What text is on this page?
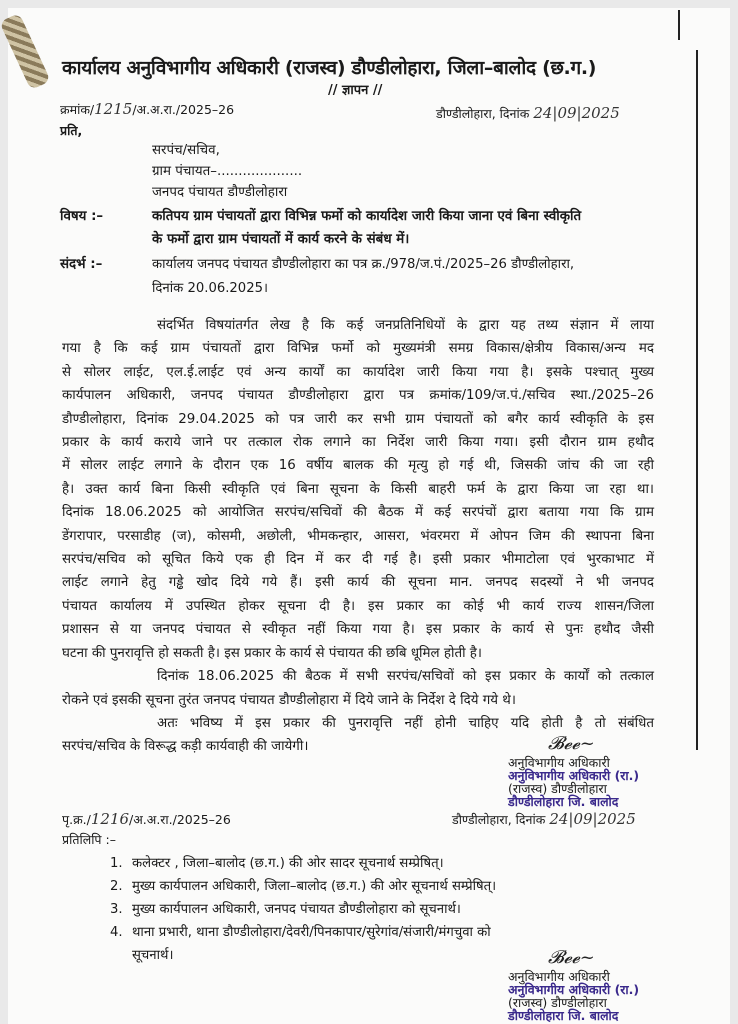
कार्यालय अनुविभागीय अधिकारी (राजस्व) डौण्डीलोहारा, जिला–बालोद (छ.ग.)
// ज्ञापन //
क्रमांक/1215/अ.अ.रा./2025–26	डौण्डीलोहारा, दिनांक 24|09|2025
प्रति,
सरपंच/सचिव,
ग्राम पंचायत–....................
जनपद पंचायत डौण्डीलोहारा
विषय :–	कतिपय ग्राम पंचायतों द्वारा विभिन्न फर्मो को कार्यादेश जारी किया जाना एवं बिना स्वीकृति
के फर्मो द्वारा ग्राम पंचायतों में कार्य करने के संबंध में।
संदर्भ :–	कार्यालय जनपद पंचायत डौण्डीलोहारा का पत्र क्र./978/ज.पं./2025–26 डौण्डीलोहारा,
दिनांक 20.06.2025।
संदर्भित विषयांतर्गत लेख है कि कई जनप्रतिनिधियों के द्वारा यह तथ्य संज्ञान में लाया
गया है कि कई ग्राम पंचायतों द्वारा विभिन्न फर्मो को मुख्यमंत्री समग्र विकास/क्षेत्रीय विकास/अन्य मद
से सोलर लाईट, एल.ई.लाईट एवं अन्य कार्यों का कार्यादेश जारी किया गया है। इसके पश्चात् मुख्य
कार्यपालन अधिकारी, जनपद पंचायत डौण्डीलोहारा द्वारा पत्र क्रमांक/109/ज.पं./सचिव स्था./2025–26
डौण्डीलोहारा, दिनांक 29.04.2025 को पत्र जारी कर सभी ग्राम पंचायतों को बगैर कार्य स्वीकृति के इस
प्रकार के कार्य कराये जाने पर तत्काल रोक लगाने का निर्देश जारी किया गया। इसी दौरान ग्राम हथौद
में सोलर लाईट लगाने के दौरान एक 16 वर्षीय बालक की मृत्यु हो गई थी, जिसकी जांच की जा रही
है। उक्त कार्य बिना किसी स्वीकृति एवं बिना सूचना के किसी बाहरी फर्म के द्वारा किया जा रहा था।
दिनांक 18.06.2025 को आयोजित सरपंच/सचिवों की बैठक में कई सरपंचों द्वारा बताया गया कि ग्राम
डेंगरापार, परसाडीह (ज), कोसमी, अछोली, भीमकन्हार, आसरा, भंवरमरा में ओपन जिम की स्थापना बिना
सरपंच/सचिव को सूचित किये एक ही दिन में कर दी गई है। इसी प्रकार भीमाटोला एवं भुरकाभाट में
लाईट लगाने हेतु गड्ढे खोद दिये गये हैं। इसी कार्य की सूचना मान. जनपद सदस्यों ने भी जनपद
पंचायत कार्यालय में उपस्थित होकर सूचना दी है। इस प्रकार का कोई भी कार्य राज्य शासन/जिला
प्रशासन से या जनपद पंचायत से स्वीकृत नहीं किया गया है। इस प्रकार के कार्य से पुनः हथौद जैसी
घटना की पुनरावृत्ति हो सकती है। इस प्रकार के कार्य से पंचायत की छबि धूमिल होती है।
दिनांक 18.06.2025 की बैठक में सभी सरपंच/सचिवों को इस प्रकार के कार्यों को तत्काल
रोकने एवं इसकी सूचना तुरंत जनपद पंचायत डौण्डीलोहारा में दिये जाने के निर्देश दे दिये गये थे।
अतः भविष्य में इस प्रकार की पुनरावृत्ति नहीं होनी चाहिए यदि होती है तो संबंधित
सरपंच/सचिव के विरूद्ध कड़ी कार्यवाही की जायेगी।	𝓑𝓮𝓮~
अनुविभागीय अधिकारी
अनुविभागीय अधिकारी (रा.)
(राजस्व) डौण्डीलोहारा
डौण्डीलोहारा जि. बालोद
पृ.क्र./1216/अ.अ.रा./2025–26	डौण्डीलोहारा, दिनांक 24|09|2025
प्रतिलिपि :–
1. कलेक्टर , जिला–बालोद (छ.ग.) की ओर सादर सूचनार्थ सम्प्रेषित्।
2. मुख्य कार्यपालन अधिकारी, जिला–बालोद (छ.ग.) की ओर सूचनार्थ सम्प्रेषित्।
3. मुख्य कार्यपालन अधिकारी, जनपद पंचायत डौण्डीलोहारा को सूचनार्थ।
4. थाना प्रभारी, थाना डौण्डीलोहारा/देवरी/पिनकापार/सुरेगांव/संजारी/मंगचुवा को
सूचनार्थ।	𝓑𝓮𝓮~
अनुविभागीय अधिकारी
अनुविभागीय अधिकारी (रा.)
(राजस्व) डौण्डीलोहारा
डौण्डीलोहारा जि. बालोद
